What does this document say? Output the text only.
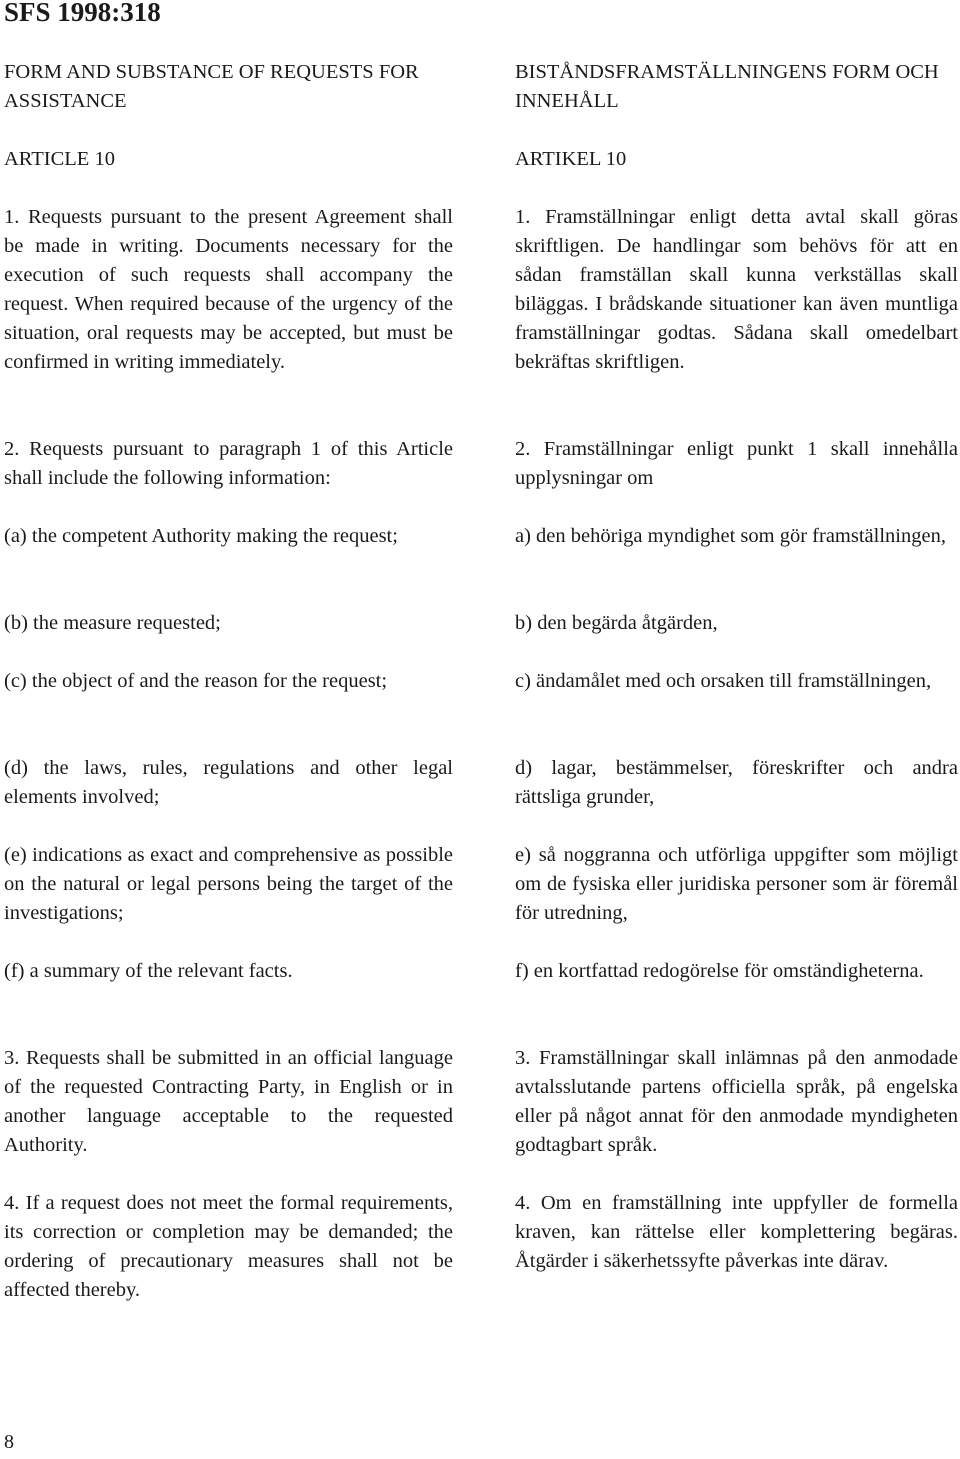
SFS 1998:318
FORM AND SUBSTANCE OF REQUESTS FOR ASSISTANCE
ARTICLE 10
1. Requests pursuant to the present Agreement shall be made in writing. Documents necessary for the execution of such requests shall accompany the request. When required because of the urgency of the situation, oral requests may be accepted, but must be confirmed in writing immediately.
2. Requests pursuant to paragraph 1 of this Article shall include the following information:
(a) the competent Authority making the request;
(b) the measure requested;
(c) the object of and the reason for the request;
(d) the laws, rules, regulations and other legal elements involved;
(e) indications as exact and comprehensive as possible on the natural or legal persons being the target of the investigations;
(f) a summary of the relevant facts.
3. Requests shall be submitted in an official language of the requested Contracting Party, in English or in another language acceptable to the requested Authority.
4. If a request does not meet the formal requirements, its correction or completion may be demanded; the ordering of precautionary measures shall not be affected thereby.
BISTÅNDSFRAMSTÄLLNINGENS FORM OCH INNEHÅLL
ARTIKEL 10
1. Framställningar enligt detta avtal skall göras skriftligen. De handlingar som behövs för att en sådan framställan skall kunna verkställas skall biläggas. I brådskande situationer kan även muntliga framställningar godtas. Sådana skall omedelbart bekräftas skriftligen.
2. Framställningar enligt punkt 1 skall innehålla upplysningar om
a) den behöriga myndighet som gör framställningen,
b) den begärda åtgärden,
c) ändamålet med och orsaken till framställningen,
d) lagar, bestämmelser, föreskrifter och andra rättsliga grunder,
e) så noggranna och utförliga uppgifter som möjligt om de fysiska eller juridiska personer som är föremål för utredning,
f) en kortfattad redogörelse för omständigheterna.
3. Framställningar skall inlämnas på den anmodade avtalsslutande partens officiella språk, på engelska eller på något annat för den anmodade myndigheten godtagbart språk.
4. Om en framställning inte uppfyller de formella kraven, kan rättelse eller komplettering begäras. Åtgärder i säkerhetssyfte påverkas inte därav.
8
